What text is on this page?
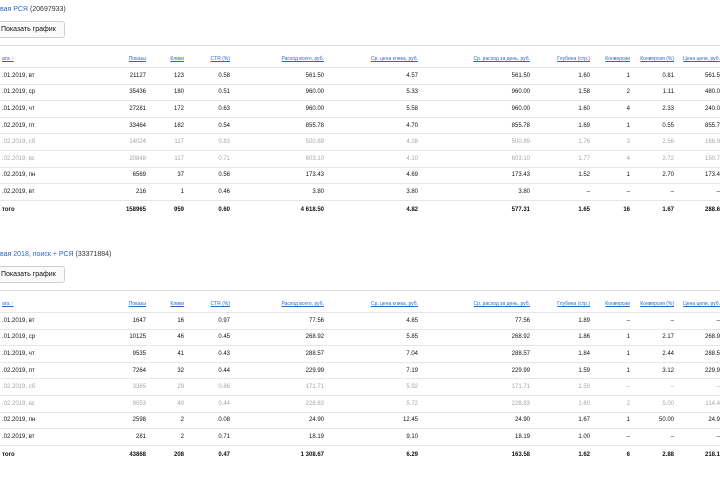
вая РСЯ (20697933)
Показать график
ата ↑	Показы	Клики	CTR (%)	Расход всего, руб.	Ср. цена клика, руб.	Ср. расход за день, руб.	Глубина (стр.)	Конверсии	Конверсия (%)	Цена цели, руб.
.01.2019, вт	21127	123	0.58	561.50	4.57	561.50	1.60	1	0.81	561.5
.01.2019, ср	35436	180	0.51	960.00	5.33	960.00	1.58	2	1.11	480.0
.01.2019, чт	27281	172	0.63	960.00	5.58	960.00	1.60	4	2.33	240.0
.02.2019, пт	33464	182	0.54	855.78	4.70	855.78	1.69	1	0.55	855.7
.02.2019, сб	14024	117	0.83	500.89	4.28	500.89	1.76	3	2.56	166.9
.02.2019, вс	20848	117	0.71	603.10	4.10	603.10	1.77	4	2.72	150.7
.02.2019, пн	6569	37	0.56	173.43	4.69	173.43	1.52	1	2.70	173.4
.02.2019, вт	216	1	0.46	3.80	3.80	3.80	–	–	–	–
того	158965	959	0.60	4 618.50	4.82	577.31	1.65	16	1.67	288.6
вая 2018, поиск + РСЯ (33371884)
Показать график
ата ↑	Показы	Клики	CTR (%)	Расход всего, руб.	Ср. цена клика, руб.	Ср. расход за день, руб.	Глубина (стр.)	Конверсии	Конверсия (%)	Цена цели, руб.
.01.2019, вт	1647	16	0.97	77.56	4.85	77.56	1.89	–	–	–
.01.2019, ср	10125	46	0.45	268.92	5.85	268.92	1.86	1	2.17	268.9
.01.2019, чт	9535	41	0.43	288.57	7.04	288.57	1.84	1	2.44	288.5
.02.2019, пт	7264	32	0.44	229.99	7.19	229.99	1.59	1	3.12	229.9
.02.2019, сб	3365	29	0.86	171.71	5.92	171.71	1.50	–	–	–
.02.2019, вс	9053	40	0.44	228.83	5.72	228.83	1.60	2	5.00	114.4
.02.2019, пн	2598	2	0.08	24.90	12.45	24.90	1.67	1	50.00	24.9
.02.2019, вт	281	2	0.71	18.19	9.10	18.19	1.00	–	–	–
того	43868	208	0.47	1 308.67	6.29	163.58	1.62	6	2.88	218.1
